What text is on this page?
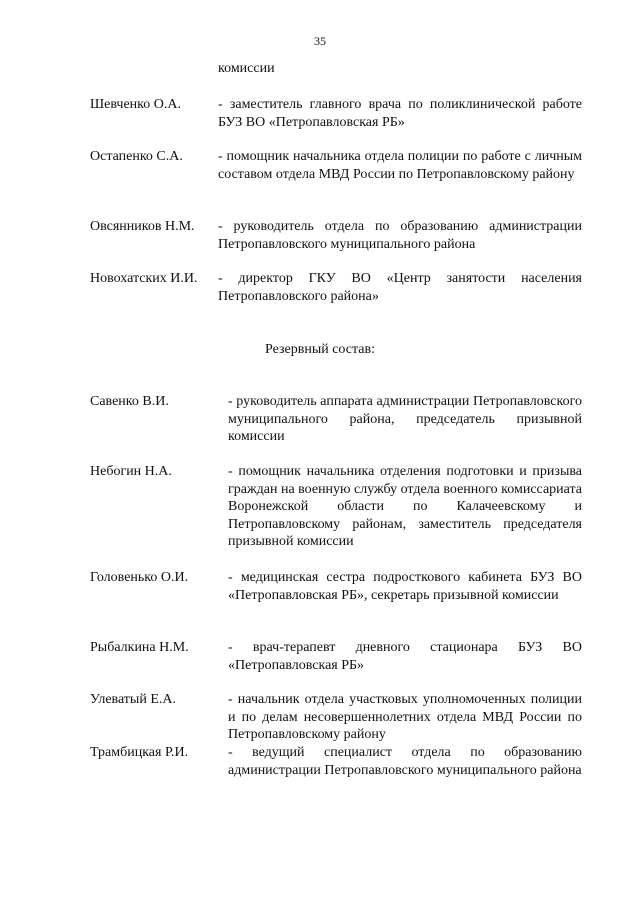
35
комиссии
Шевченко О.А.	- заместитель главного врача по поликлинической работе БУЗ ВО «Петропавловская РБ»
Остапенко С.А.	- помощник начальника отдела полиции по работе с личным составом отдела МВД России по Петропавловскому району
Овсянников Н.М. - руководитель отдела по образованию администрации Петропавловского муниципального района
Новохатских И.И. - директор ГКУ ВО «Центр занятости населения Петропавловского района»
Резервный состав:
Савенко В.И.	- руководитель аппарата администрации Петропавловского муниципального района, председатель призывной комиссии
Небогин Н.А.	- помощник начальника отделения подготовки и призыва граждан на военную службу отдела военного комиссариата Воронежской области по Калачеевскому и Петропавловскому районам, заместитель председателя призывной комиссии
Головенько О.И.	- медицинская сестра подросткового кабинета БУЗ ВО «Петропавловская РБ», секретарь призывной комиссии
Рыбалкина Н.М.	- врач-терапевт дневного стационара БУЗ ВО «Петропавловская РБ»
Улеватый Е.А.	- начальник отдела участковых уполномоченных полиции и по делам несовершеннолетних отдела МВД России по Петропавловскому району
Трамбицкая Р.И.	- ведущий специалист отдела по образованию администрации Петропавловского муниципального района
